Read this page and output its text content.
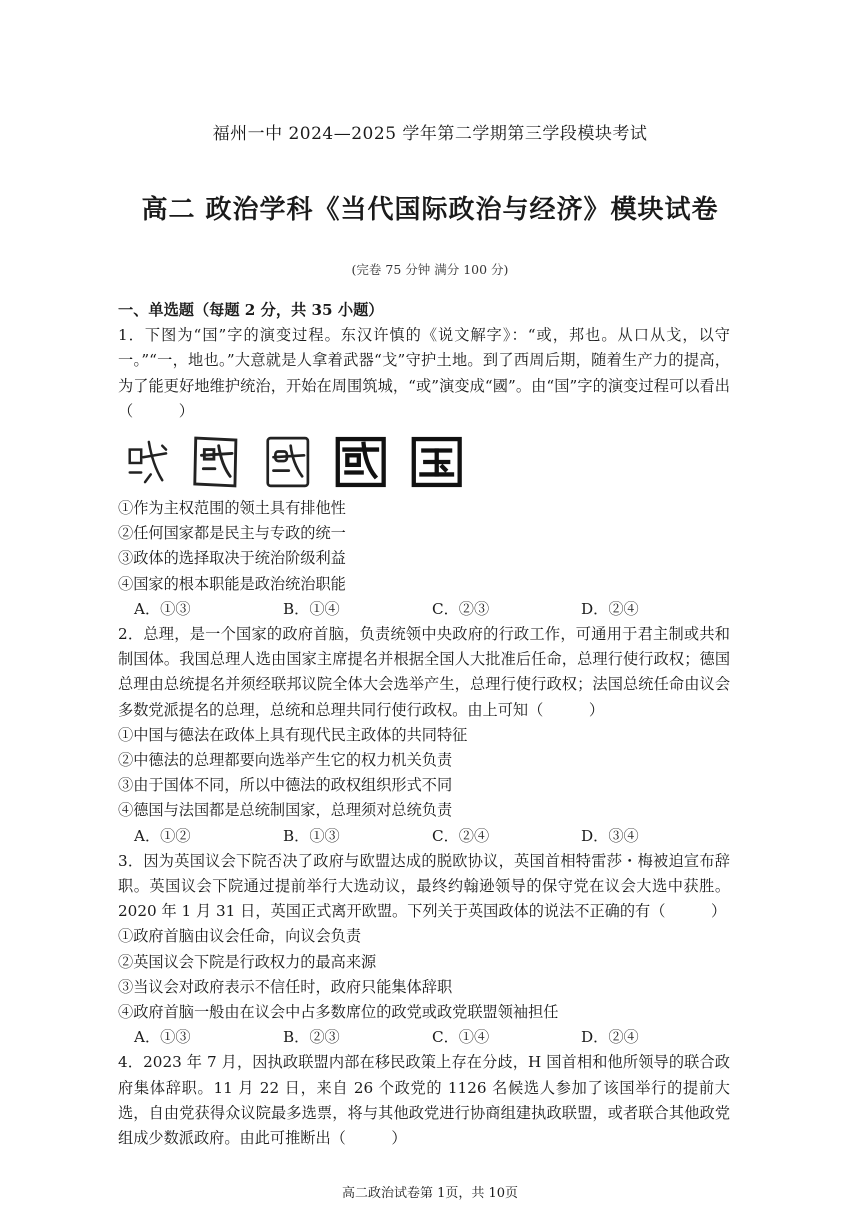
福州一中 2024—2025 学年第二学期第三学段模块考试
高二 政治学科《当代国际政治与经济》模块试卷
(完卷 75 分钟 满分 100 分)
一、单选题（每题 2 分，共 35 小题）
1．下图为“国”字的演变过程。东汉许慎的《说文解字》：“或，邦也。从口从戈，以守一。”“一，地也。”大意就是人拿着武器“戈”守护土地。到了西周后期，随着生产力的提高，为了能更好地维护统治，开始在周围筑城，“或”演变成“國”。由“国”字的演变过程可以看出（　　　）
①作为主权范围的领土具有排他性
②任何国家都是民主与专政的统一
③政体的选择取决于统治阶级利益
④国家的根本职能是政治统治职能
A．①③	B．①④	C．②③	D．②④
2．总理，是一个国家的政府首脑，负责统领中央政府的行政工作，可通用于君主制或共和制国体。我国总理人选由国家主席提名并根据全国人大批准后任命，总理行使行政权；德国总理由总统提名并须经联邦议院全体大会选举产生，总理行使行政权；法国总统任命由议会多数党派提名的总理，总统和总理共同行使行政权。由上可知（　　　）
①中国与德法在政体上具有现代民主政体的共同特征
②中德法的总理都要向选举产生它的权力机关负责
③由于国体不同，所以中德法的政权组织形式不同
④德国与法国都是总统制国家，总理须对总统负责
A．①②	B．①③	C．②④	D．③④
3．因为英国议会下院否决了政府与欧盟达成的脱欧协议，英国首相特雷莎・梅被迫宣布辞职。英国议会下院通过提前举行大选动议，最终约翰逊领导的保守党在议会大选中获胜。2020 年 1 月 31 日，英国正式离开欧盟。下列关于英国政体的说法不正确的有（　　　）
①政府首脑由议会任命，向议会负责
②英国议会下院是行政权力的最高来源
③当议会对政府表示不信任时，政府只能集体辞职
④政府首脑一般由在议会中占多数席位的政党或政党联盟领袖担任
A．①③	B．②③	C．①④	D．②④
4．2023 年 7 月，因执政联盟内部在移民政策上存在分歧，H 国首相和他所领导的联合政府集体辞职。11 月 22 日，来自 26 个政党的 1126 名候选人参加了该国举行的提前大选，自由党获得众议院最多选票，将与其他政党进行协商组建执政联盟，或者联合其他政党组成少数派政府。由此可推断出（　　　）
高二政治试卷第 1页，共 10页
